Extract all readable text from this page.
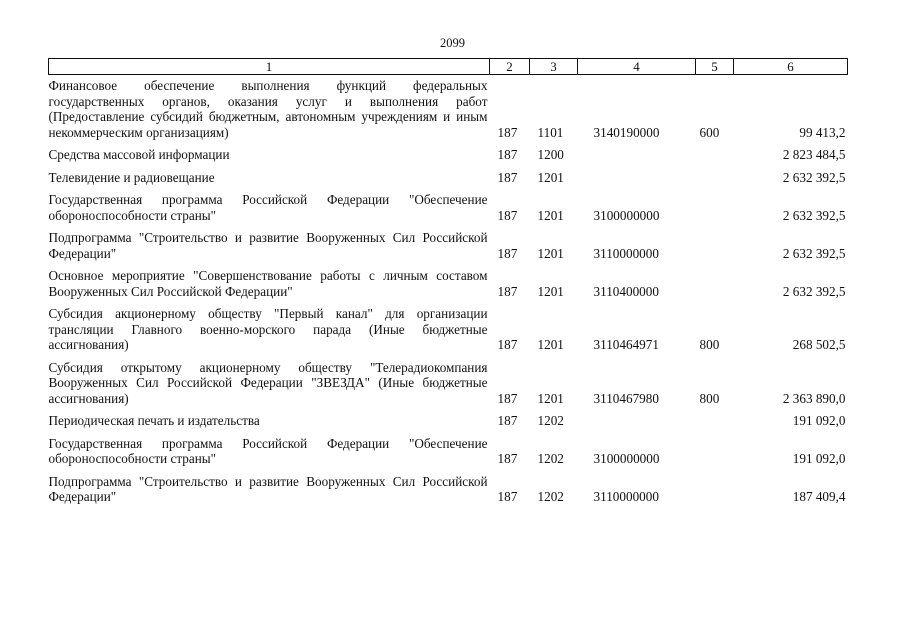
2099
1	2	3	4	5	6
Финансовое обеспечение выполнения функций федеральных государственных органов, оказания услуг и выполнения работ (Предоставление субсидий бюджетным, автономным учреждениям и иным некоммерческим организациям)	187	1101	3140190000	600	99 413,2
Средства массовой информации	187	1200			2 823 484,5
Телевидение и радиовещание	187	1201			2 632 392,5
Государственная программа Российской Федерации "Обеспечение обороноспособности страны"	187	1201	3100000000		2 632 392,5
Подпрограмма "Строительство и развитие Вооруженных Сил Российской Федерации"	187	1201	3110000000		2 632 392,5
Основное мероприятие "Совершенствование работы с личным составом Вооруженных Сил Российской Федерации"	187	1201	3110400000		2 632 392,5
Субсидия акционерному обществу "Первый канал" для организации трансляции Главного военно-морского парада (Иные бюджетные ассигнования)	187	1201	3110464971	800	268 502,5
Субсидия открытому акционерному обществу "Телерадиокомпания Вооруженных Сил Российской Федерации "ЗВЕЗДА" (Иные бюджетные ассигнования)	187	1201	3110467980	800	2 363 890,0
Периодическая печать и издательства	187	1202			191 092,0
Государственная программа Российской Федерации "Обеспечение обороноспособности страны"	187	1202	3100000000		191 092,0
Подпрограмма "Строительство и развитие Вооруженных Сил Российской Федерации"	187	1202	3110000000		187 409,4
